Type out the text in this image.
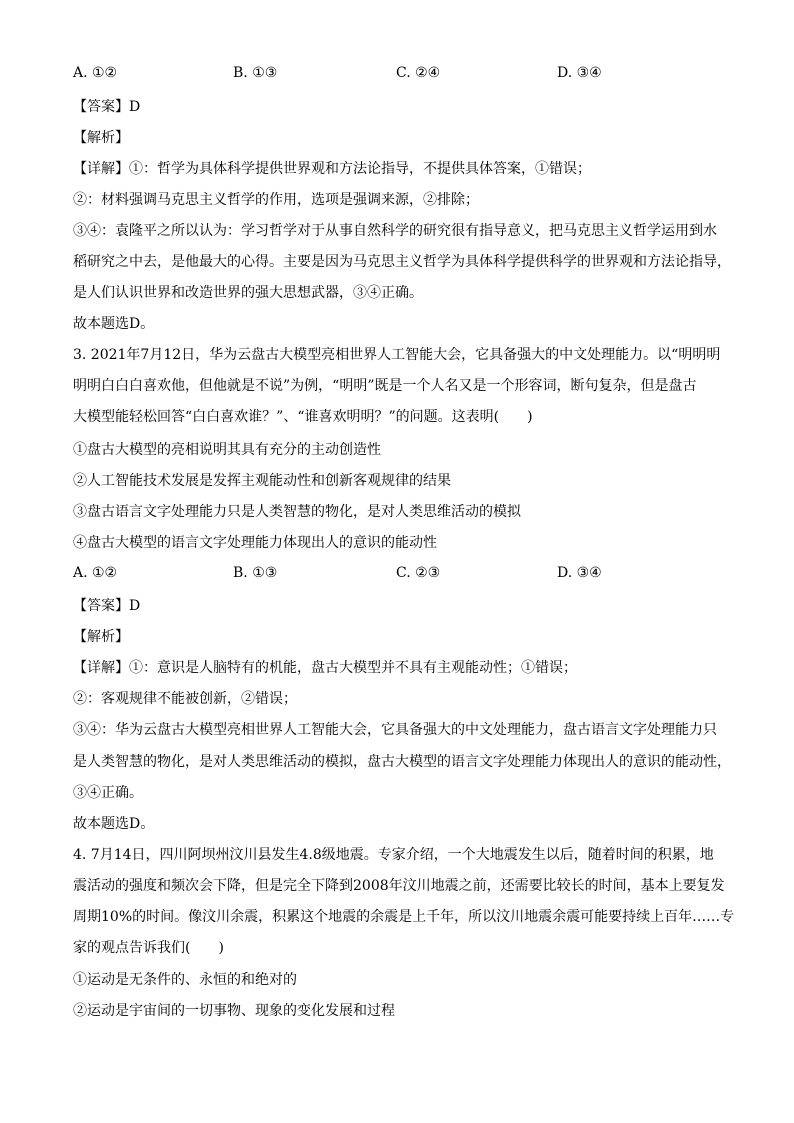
A. ①②	B. ①③	C. ②④	D. ③④
【答案】D
【解析】
【详解】①：哲学为具体科学提供世界观和方法论指导，不提供具体答案，①错误；
②：材料强调马克思主义哲学的作用，选项是强调来源，②排除；
③④：袁隆平之所以认为：学习哲学对于从事自然科学的研究很有指导意义，把马克思主义哲学运用到水
稻研究之中去，是他最大的心得。主要是因为马克思主义哲学为具体科学提供科学的世界观和方法论指导，
是人们认识世界和改造世界的强大思想武器，③④正确。
故本题选D。
3. 2021年7月12日，华为云盘古大模型亮相世界人工智能大会，它具备强大的中文处理能力。以“明明明
明明白白白喜欢他，但他就是不说”为例，“明明”既是一个人名又是一个形容词，断句复杂，但是盘古
大模型能轻松回答“白白喜欢谁？”、“谁喜欢明明？”的问题。这表明(　　)
①盘古大模型的亮相说明其具有充分的主动创造性
②人工智能技术发展是发挥主观能动性和创新客观规律的结果
③盘古语言文字处理能力只是人类智慧的物化，是对人类思维活动的模拟
④盘古大模型的语言文字处理能力体现出人的意识的能动性
A. ①②	B. ①③	C. ②③	D. ③④
【答案】D
【解析】
【详解】①：意识是人脑特有的机能，盘古大模型并不具有主观能动性；①错误；
②：客观规律不能被创新，②错误；
③④：华为云盘古大模型亮相世界人工智能大会，它具备强大的中文处理能力，盘古语言文字处理能力只
是人类智慧的物化，是对人类思维活动的模拟，盘古大模型的语言文字处理能力体现出人的意识的能动性，
③④正确。
故本题选D。
4. 7月14日，四川阿坝州汶川县发生4.8级地震。专家介绍，一个大地震发生以后，随着时间的积累，地
震活动的强度和频次会下降，但是完全下降到2008年汶川地震之前，还需要比较长的时间，基本上要复发
周期10%的时间。像汶川余震，积累这个地震的余震是上千年，所以汶川地震余震可能要持续上百年……专
家的观点告诉我们(　　)
①运动是无条件的、永恒的和绝对的
②运动是宇宙间的一切事物、现象的变化发展和过程
